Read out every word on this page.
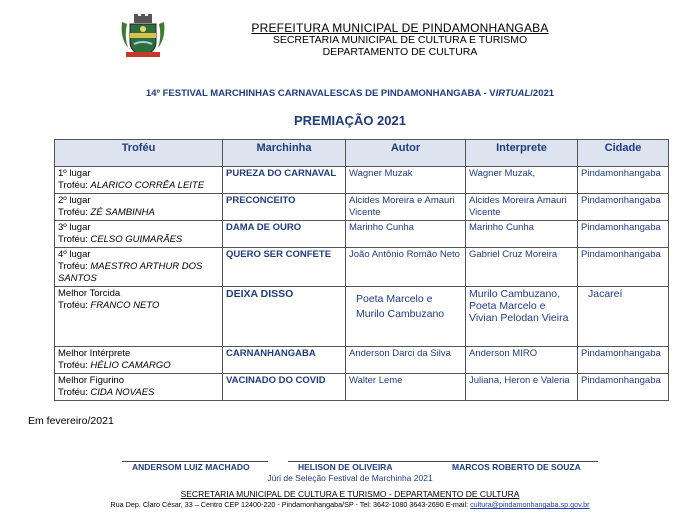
PREFEITURA MUNICIPAL DE PINDAMONHANGABA
SECRETARIA MUNICIPAL DE CULTURA E TURISMO
DEPARTAMENTO DE CULTURA
14º FESTIVAL MARCHINHAS CARNAVALESCAS DE PINDAMONHANGABA - VIRTUAL/2021
PREMIAÇÃO 2021
Troféu	Marchinha	Autor	Interprete	Cidade

1º lugar
Troféu: ALARICO CORRÊA LEITE	PUREZA DO CARNAVAL	Wagner Muzak	Wagner Muzak,	Pindamonhangaba

2º lugar
Troféu: ZÉ SAMBINHA	PRECONCEITO	Alcides Moreira e Amauri Vicente	Alcides Moreira Amauri Vicente	Pindamonhangaba

3º lugar
Troféu: CELSO GUIMARÃES	DAMA DE OURO	Marinho Cunha	Marinho Cunha	Pindamonhangaba

4º lugar
Troféu: MAESTRO ARTHUR DOS SANTOS	QUERO SER CONFETE	João Antônio Romão Neto	Gabriel Cruz Moreira	Pindamonhangaba

Melhor Torcida
Troféu: FRANCO NETO	DEIXA DISSO	Poeta Marcelo e Murilo Cambuzano	Murilo Cambuzano, Poeta Marcelo e Vivian Pelodan Vieira	Jacareí

Melhor Intérprete
Troféu: HÉLIO CAMARGO	CARNANHANGABA	Anderson Darci da Silva	Anderson MIRO	Pindamonhangaba

Melhor Figurino
Troféu: CIDA NOVAES	VACINADO DO COVID	Walter Leme	Juliana, Heron e Valeria	Pindamonhangaba
Em fevereiro/2021
ANDERSOM LUIZ MACHADO	HELISON DE OLIVEIRA	MARCOS ROBERTO DE SOUZA
Júri de Seleção Festival de Marchinha 2021
SECRETARIA MUNICIPAL DE CULTURA E TURISMO - DEPARTAMENTO DE CULTURA
Rua Dep. Claro César, 33 – Centro CEP 12400-220 - Pindamonhangaba/SP - Tel: 3642-1080 3643-2690 E-mail: cultura@pindamonhangaba.sp.gov.br
